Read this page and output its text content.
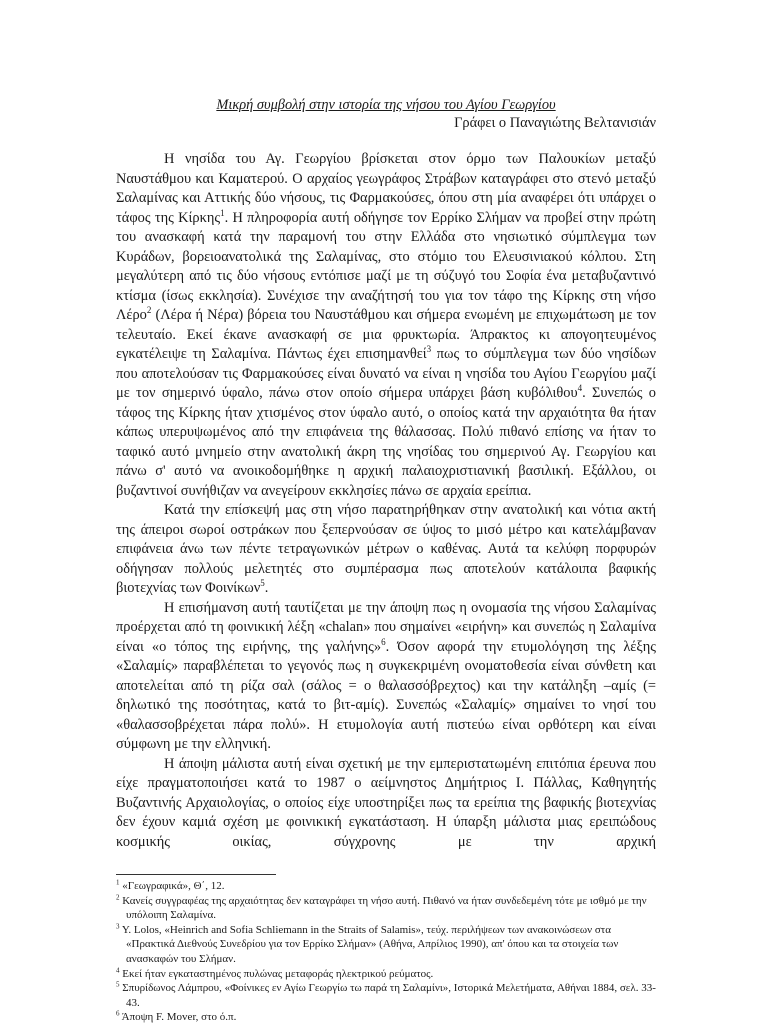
Μικρή συμβολή στην ιστορία της νήσου του Αγίου Γεωργίου

Γράφει ο Παναγιώτης Βελτανισιάν

Η νησίδα του Αγ. Γεωργίου βρίσκεται στον όρμο των Παλουκίων μεταξύ Ναυστάθμου και Καματερού. Ο αρχαίος γεωγράφος Στράβων καταγράφει στο στενό μεταξύ Σαλαμίνας και Αττικής δύο νήσους, τις Φαρμακούσες, όπου στη μία αναφέρει ότι υπάρχει ο τάφος της Κίρκης$^1$. Η πληροφορία αυτή οδήγησε τον Ερρίκο Σλήμαν να προβεί στην πρώτη του ανασκαφή κατά την παραμονή του στην Ελλάδα στο νησιωτικό σύμπλεγμα των Κυράδων, βορειοανατολικά της Σαλαμίνας, στο στόμιο του Ελευσινιακού κόλπου. Στη μεγαλύτερη από τις δύο νήσους εντόπισε μαζί με τη σύζυγό του Σοφία ένα μεταβυζαντινό κτίσμα (ίσως εκκλησία). Συνέχισε την αναζήτησή του για τον τάφο της Κίρκης στη νήσο Λέρο$^2$ (Λέρα ή Νέρα) βόρεια του Ναυστάθμου και σήμερα ενωμένη με επιχωμάτωση με τον τελευταίο. Εκεί έκανε ανασκαφή σε μια φρυκτωρία. Άπρακτος κι απογοητευμένος εγκατέλειψε τη Σαλαμίνα. Πάντως έχει επισημανθεί$^3$ πως το σύμπλεγμα των δύο νησίδων που αποτελούσαν τις Φαρμακούσες είναι δυνατό να είναι η νησίδα του Αγίου Γεωργίου μαζί με τον σημερινό ύφαλο, πάνω στον οποίο σήμερα υπάρχει βάση κυβόλιθου$^4$. Συνεπώς ο τάφος της Κίρκης ήταν χτισμένος στον ύφαλο αυτό, ο οποίος κατά την αρχαιότητα θα ήταν κάπως υπερυψωμένος από την επιφάνεια της θάλασσας. Πολύ πιθανό επίσης να ήταν το ταφικό αυτό μνημείο στην ανατολική άκρη της νησίδας του σημερινού Αγ. Γεωργίου και πάνω σ' αυτό να ανοικοδομήθηκε η αρχική παλαιοχριστιανική βασιλική. Εξάλλου, οι βυζαντινοί συνήθιζαν να ανεγείρουν εκκλησίες πάνω σε αρχαία ερείπια.

Κατά την επίσκεψή μας στη νήσο παρατηρήθηκαν στην ανατολική και νότια ακτή της άπειροι σωροί οστράκων που ξεπερνούσαν σε ύψος το μισό μέτρο και κατελάμβαναν επιφάνεια άνω των πέντε τετραγωνικών μέτρων ο καθένας. Αυτά τα κελύφη πορφυρών οδήγησαν πολλούς μελετητές στο συμπέρασμα πως αποτελούν κατάλοιπα βαφικής βιοτεχνίας των Φοινίκων$^5$.

Η επισήμανση αυτή ταυτίζεται με την άποψη πως η ονομασία της νήσου Σαλαμίνας προέρχεται από τη φοινικική λέξη «chalan» που σημαίνει «ειρήνη» και συνεπώς η Σαλαμίνα είναι «ο τόπος της ειρήνης, της γαλήνης»$^6$. Όσον αφορά την ετυμολόγηση της λέξης «Σαλαμίς» παραβλέπεται το γεγονός πως η συγκεκριμένη ονοματοθεσία είναι σύνθετη και αποτελείται από τη ρίζα σαλ (σάλος = ο θαλασσόβρεχτος) και την κατάληξη –αμίς (= δηλωτικό της ποσότητας, κατά το βιτ-αμίς). Συνεπώς «Σαλαμίς» σημαίνει το νησί του «θαλασσοβρέχεται πάρα πολύ». Η ετυμολογία αυτή πιστεύω είναι ορθότερη και είναι σύμφωνη με την ελληνική.

Η άποψη μάλιστα αυτή είναι σχετική με την εμπεριστατωμένη επιτόπια έρευνα που είχε πραγματοποιήσει κατά το 1987 ο αείμνηστος Δημήτριος Ι. Πάλλας, Καθηγητής Βυζαντινής Αρχαιολογίας, ο οποίος είχε υποστηρίξει πως τα ερείπια της βαφικής βιοτεχνίας δεν έχουν καμιά σχέση με φοινικική εγκατάσταση. Η ύπαρξη μάλιστα μιας ερειπώδους κοσμικής οικίας, σύγχρονης με την αρχική

$^1$ «Γεωγραφικά», Θ΄, 12.
$^2$ Κανείς συγγραφέας της αρχαιότητας δεν καταγράφει τη νήσο αυτή. Πιθανό να ήταν συνδεδεμένη τότε με ισθμό με την υπόλοιπη Σαλαμίνα.
$^3$ Y. Lolos, «Heinrich and Sofia Schliemann in the Straits of Salamis», τεύχ. περιλήψεων των ανακοινώσεων στα «Πρακτικά Διεθνούς Συνεδρίου για τον Ερρίκο Σλήμαν» (Αθήνα, Απρίλιος 1990), απ' όπου και τα στοιχεία των ανασκαφών του Σλήμαν.
$^4$ Εκεί ήταν εγκαταστημένος πυλώνας μεταφοράς ηλεκτρικού ρεύματος.
$^5$ Σπυρίδωνος Λάμπρου, «Φοίνικες εν Αγίω Γεωργίω τω παρά τη Σαλαμίνι», Ιστορικά Μελετήματα, Αθήναι 1884, σελ. 33-43.
$^6$ Άποψη F. Mover, στο ό.π.
